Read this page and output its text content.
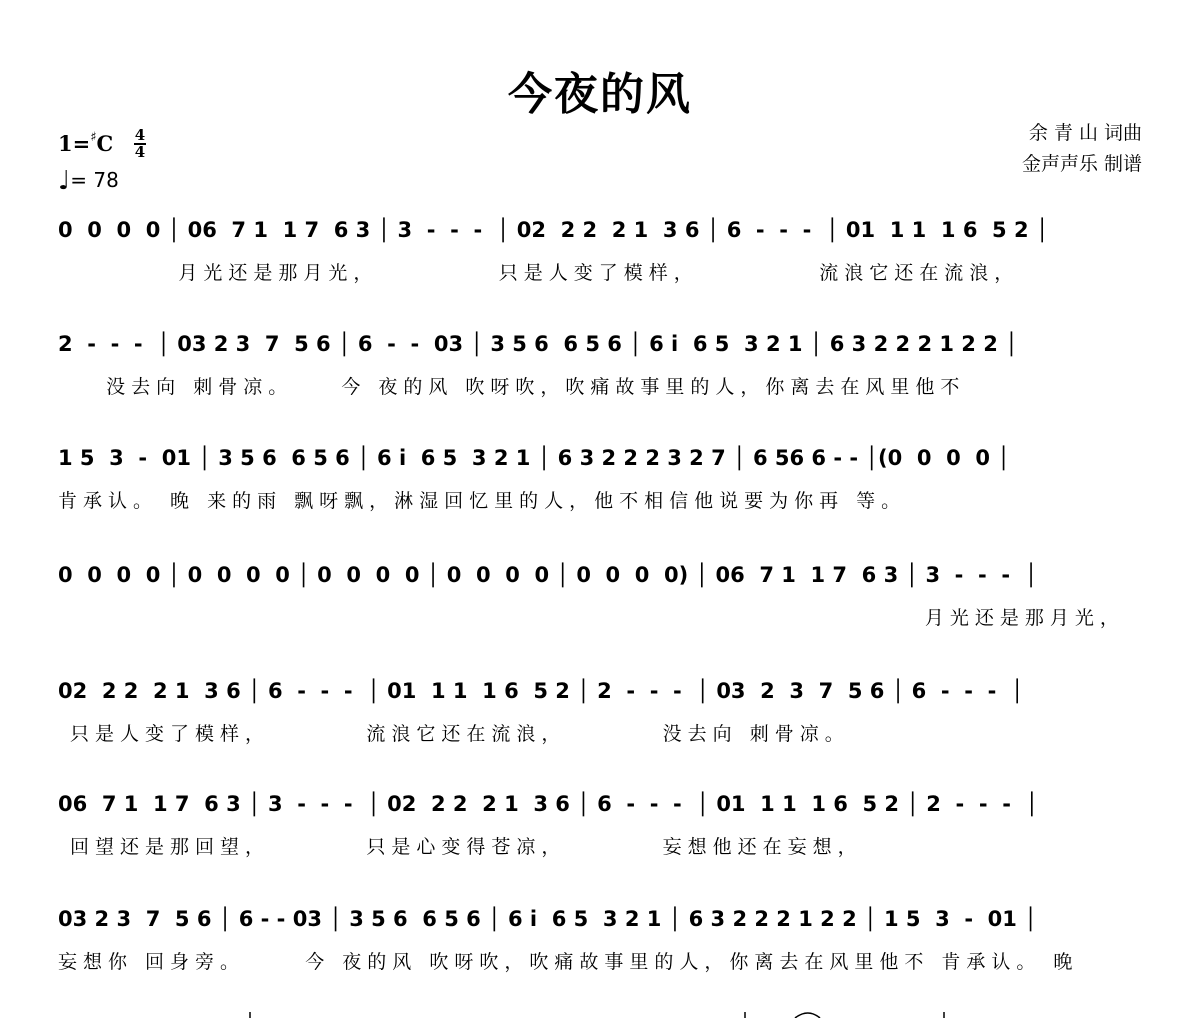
今夜的风
余 青 山 词曲
金声声乐 制谱
1=♯C 4
4
♩= 78
0  0  0  0 │ 06  7 1  1 7  6 3 │ 3  -  -  -  │ 02  2 2  2 1  3 6 │ 6  -  -  -  │ 01  1 1  1 6  5 2 │
月光还是那月光，          只是人变了模样，          流浪它还在流浪，
2  -  -  -  │ 03 2 3  7  5 6 │ 6  -  -  03 │ 3 5 6  6 5 6 │ 6 i  6 5  3 2 1 │ 6 3 2 2 2 1 2 2 │
没去向 刺骨凉。    今 夜的风 吹呀吹，吹痛故事里的人，你离去在风里他不
1 5  3  -  01 │ 3 5 6  6 5 6 │ 6 i  6 5  3 2 1 │ 6 3 2 2 2 3 2 7 │ 6 56 6 - - │(0  0  0  0 │
肯承认。 晚 来的雨 飘呀飘，淋湿回忆里的人，他不相信他说要为你再 等。
0  0  0  0 │ 0  0  0  0 │ 0  0  0  0 │ 0  0  0  0 │ 0  0  0  0) │ 06  7 1  1 7  6 3 │ 3  -  -  -  │
月光还是那月光，
02  2 2  2 1  3 6 │ 6  -  -  -  │ 01  1 1  1 6  5 2 │ 2  -  -  -  │ 03  2  3  7  5 6 │ 6  -  -  -  │
只是人变了模样，        流浪它还在流浪，        没去向 刺骨凉。
06  7 1  1 7  6 3 │ 3  -  -  -  │ 02  2 2  2 1  3 6 │ 6  -  -  -  │ 01  1 1  1 6  5 2 │ 2  -  -  -  │
回望还是那回望，        只是心变得苍凉，        妄想他还在妄想，
03 2 3  7  5 6 │ 6 - - 03 │ 3 5 6  6 5 6 │ 6 i  6 5  3 2 1 │ 6 3 2 2 2 1 2 2 │ 1 5  3  -  01 │
妄想你 回身旁。     今 夜的风 吹呀吹，吹痛故事里的人，你离去在风里他不 肯承认。 晚
